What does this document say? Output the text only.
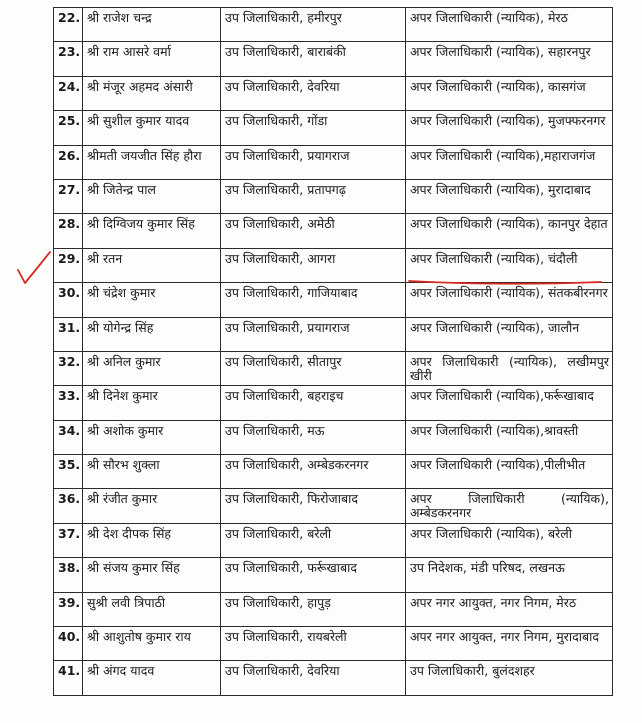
22.	श्री राजेश चन्द्र	उप जिलाधिकारी, हमीरपुर	अपर जिलाधिकारी (न्यायिक), मेरठ
23.	श्री राम आसरे वर्मा	उप जिलाधिकारी, बाराबंकी	अपर जिलाधिकारी (न्यायिक), सहारनपुर
24.	श्री मंजूर अहमद अंसारी	उप जिलाधिकारी, देवरिया	अपर जिलाधिकारी (न्यायिक), कासगंज
25.	श्री सुशील कुमार यादव	उप जिलाधिकारी, गोंडा	अपर जिलाधिकारी (न्यायिक), मुजफ्फरनगर
26.	श्रीमती जयजीत सिंह हौरा	उप जिलाधिकारी, प्रयागराज	अपर जिलाधिकारी (न्यायिक),महाराजगंज
27.	श्री जितेन्द्र पाल	उप जिलाधिकारी, प्रतापगढ़	अपर जिलाधिकारी (न्यायिक), मुरादाबाद
28.	श्री दिग्विजय कुमार सिंह	उप जिलाधिकारी, अमेठी	अपर जिलाधिकारी (न्यायिक), कानपुर देहात
29.	श्री रतन	उप जिलाधिकारी, आगरा	अपर जिलाधिकारी (न्यायिक), चंदौली
30.	श्री चंद्रेश कुमार	उप जिलाधिकारी, गाजियाबाद	अपर जिलाधिकारी (न्यायिक), संतकबीरनगर
31.	श्री योगेन्द्र सिंह	उप जिलाधिकारी, प्रयागराज	अपर जिलाधिकारी (न्यायिक), जालौन
32.	श्री अनिल कुमार	उप जिलाधिकारी, सीतापुर	अपर जिलाधिकारी (न्यायिक), लखीमपुर खीरी
33.	श्री दिनेश कुमार	उप जिलाधिकारी, बहराइच	अपर जिलाधिकारी (न्यायिक),फर्रूखाबाद
34.	श्री अशोक कुमार	उप जिलाधिकारी, मऊ	अपर जिलाधिकारी (न्यायिक),श्रावस्ती
35.	श्री सौरभ शुक्ला	उप जिलाधिकारी, अम्बेडकरनगर	अपर जिलाधिकारी (न्यायिक),पीलीभीत
36.	श्री रंजीत कुमार	उप जिलाधिकारी, फिरोजाबाद	अपर जिलाधिकारी (न्यायिक), अम्बेडकरनगर
37.	श्री देश दीपक सिंह	उप जिलाधिकारी, बरेली	अपर जिलाधिकारी (न्यायिक), बरेली
38.	श्री संजय कुमार सिंह	उप जिलाधिकारी, फर्रूखाबाद	उप निदेशक, मंडी परिषद, लखनऊ
39.	सुश्री लवी त्रिपाठी	उप जिलाधिकारी, हापुड़	अपर नगर आयुक्त, नगर निगम, मेरठ
40.	श्री आशुतोष कुमार राय	उप जिलाधिकारी, रायबरेली	अपर नगर आयुक्त, नगर निगम, मुरादाबाद
41.	श्री अंगद यादव	उप जिलाधिकारी, देवरिया	उप जिलाधिकारी, बुलंदशहर
